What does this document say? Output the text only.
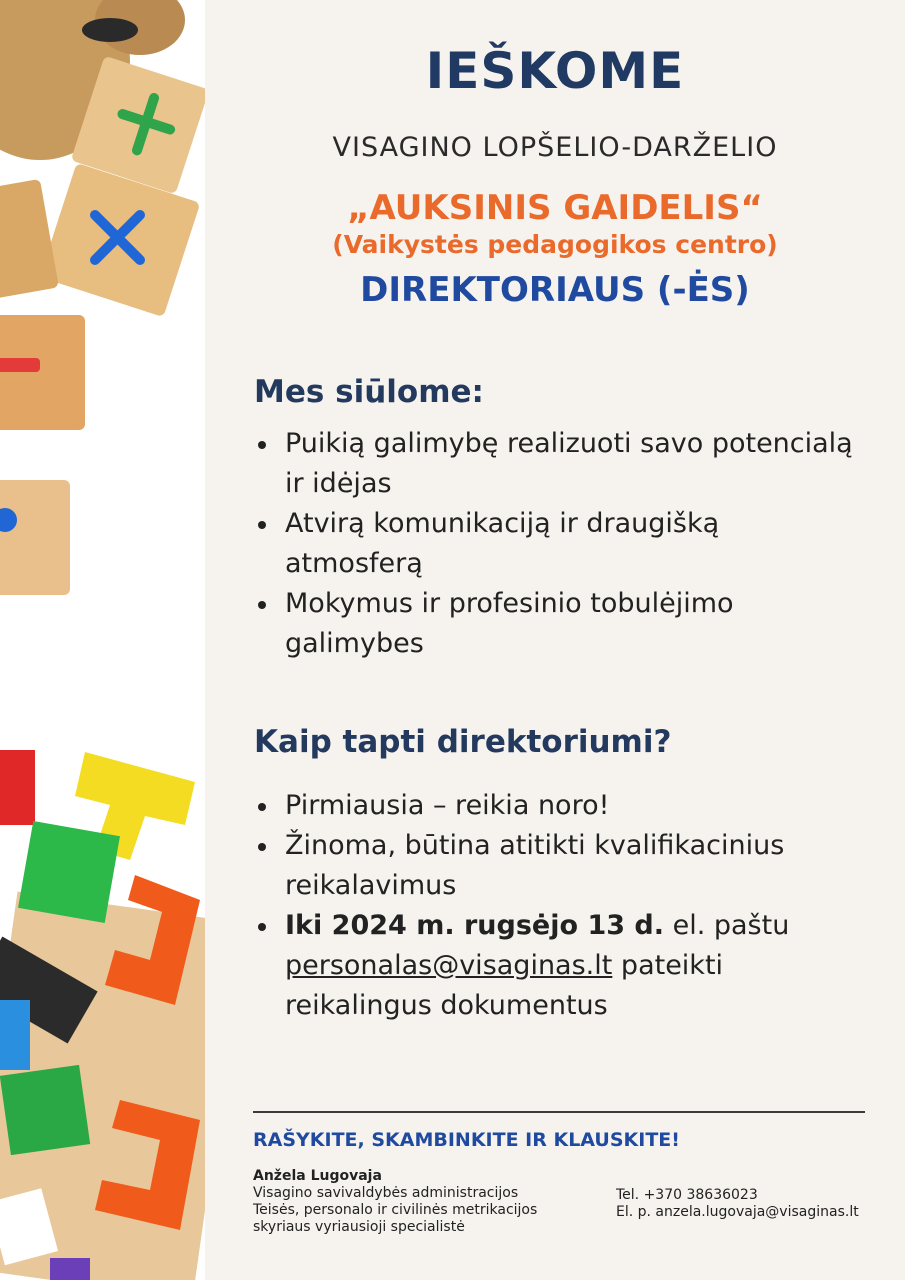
IEŠKOME
VISAGINO LOPŠELIO-DARŽELIO
„AUKSINIS GAIDELIS“
(Vaikystės pedagogikos centro)
DIREKTORIAUS (-ĖS)
Mes siūlome:
Puikią galimybę realizuoti savo potencialą ir idėjas
Atvirą komunikaciją ir draugišką atmosferą
Mokymus ir profesinio tobulėjimo galimybes
Kaip tapti direktoriumi?
Pirmiausia – reikia noro!
Žinoma, būtina atitikti kvalifikacinius reikalavimus
Iki 2024 m. rugsėjo 13 d. el. paštu personalas@visaginas.lt pateikti reikalingus dokumentus
RAŠYKITE, SKAMBINKITE IR KLAUSKITE!
Anžela Lugovaja
Visagino savivaldybės administracijos
Teisės, personalo ir civilinės metrikacijos
skyriaus vyriausioji specialistė
Tel. +370 38636023
El. p. anzela.lugovaja@visaginas.lt
